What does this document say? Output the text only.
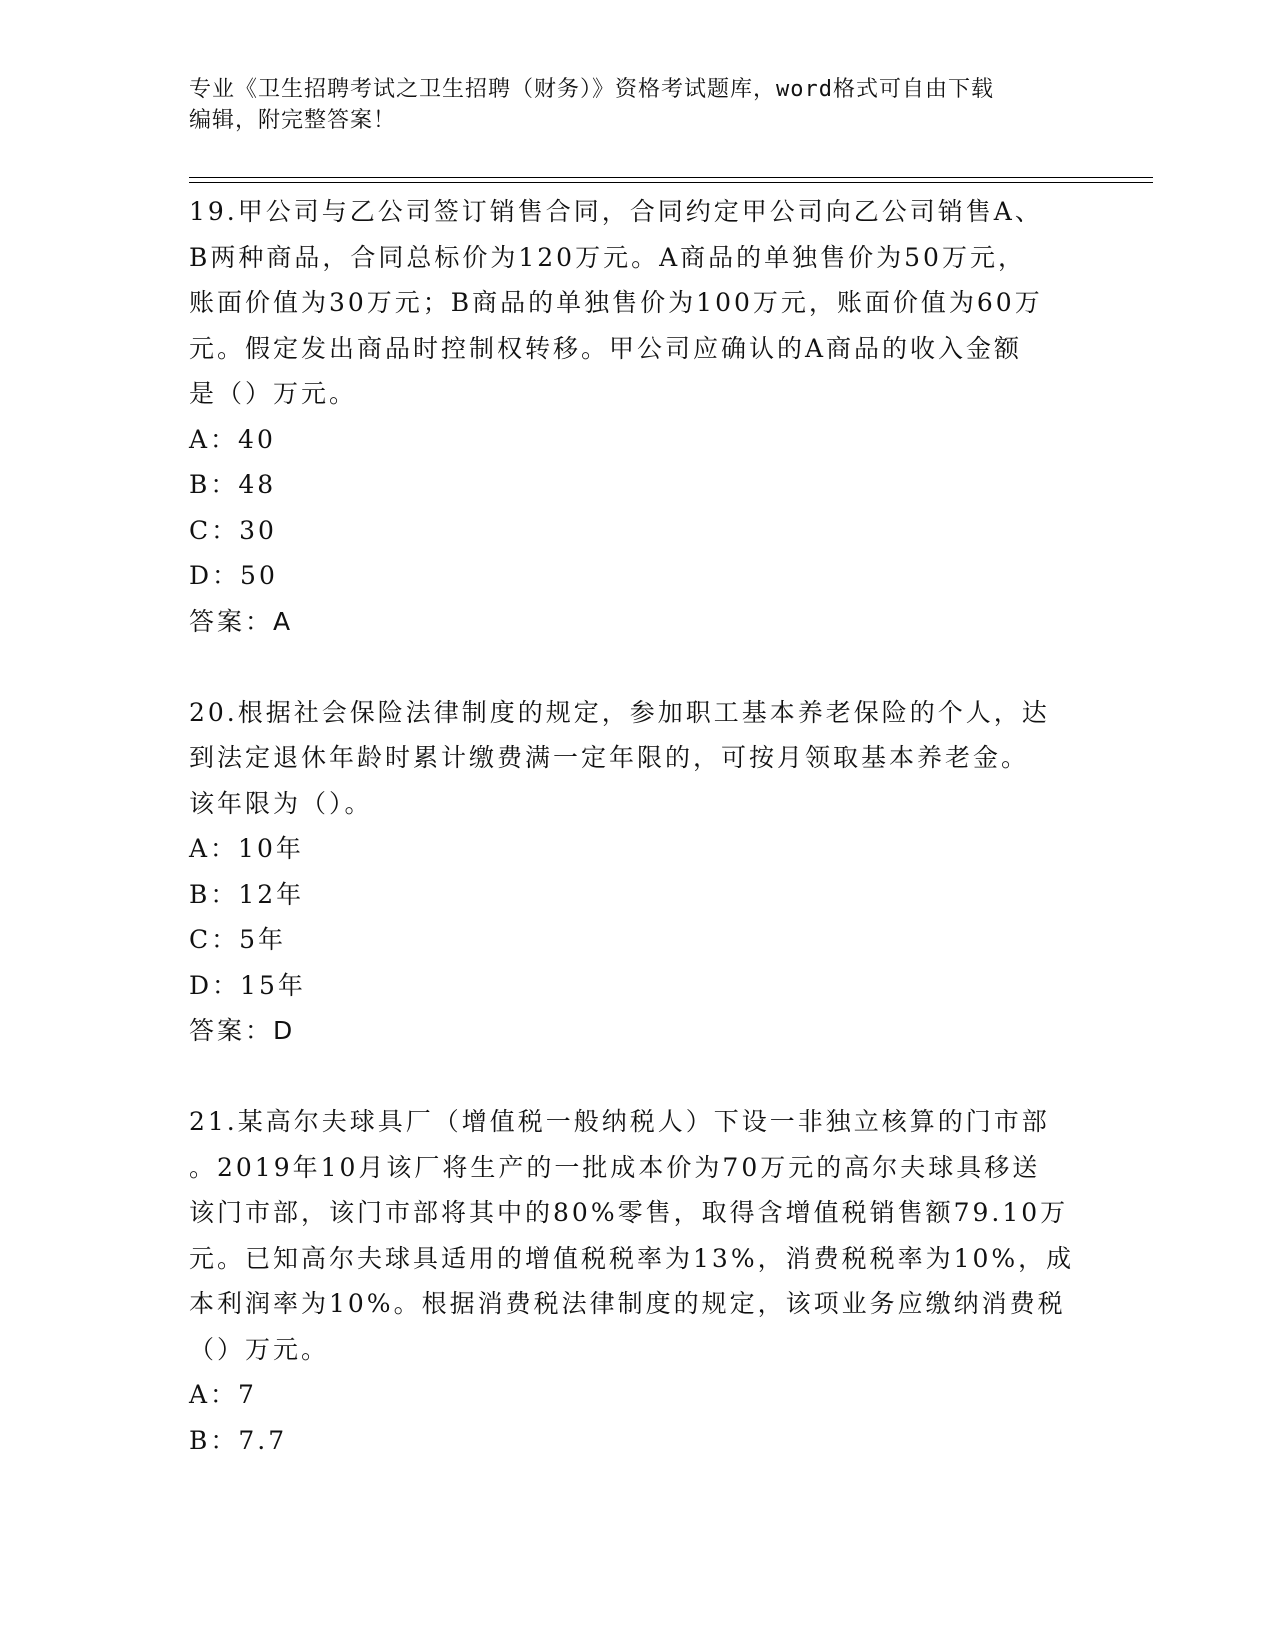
专业《卫生招聘考试之卫生招聘（财务）》资格考试题库，word格式可自由下载
编辑，附完整答案！
19.甲公司与乙公司签订销售合同，合同约定甲公司向乙公司销售A、
B两种商品，合同总标价为120万元。A商品的单独售价为50万元，
账面价值为30万元；B商品的单独售价为100万元，账面价值为60万
元。假定发出商品时控制权转移。甲公司应确认的A商品的收入金额
是（）万元。
A：40
B：48
C：30
D：50
答案：A
20.根据社会保险法律制度的规定，参加职工基本养老保险的个人，达
到法定退休年龄时累计缴费满一定年限的，可按月领取基本养老金。
该年限为（）。
A：10年
B：12年
C：5年
D：15年
答案：D
21.某高尔夫球具厂（增值税一般纳税人）下设一非独立核算的门市部
。2019年10月该厂将生产的一批成本价为70万元的高尔夫球具移送
该门市部，该门市部将其中的80%零售，取得含增值税销售额79.10万
元。已知高尔夫球具适用的增值税税率为13%，消费税税率为10%，成
本利润率为10%。根据消费税法律制度的规定，该项业务应缴纳消费税
（）万元。
A：7
B：7.7
